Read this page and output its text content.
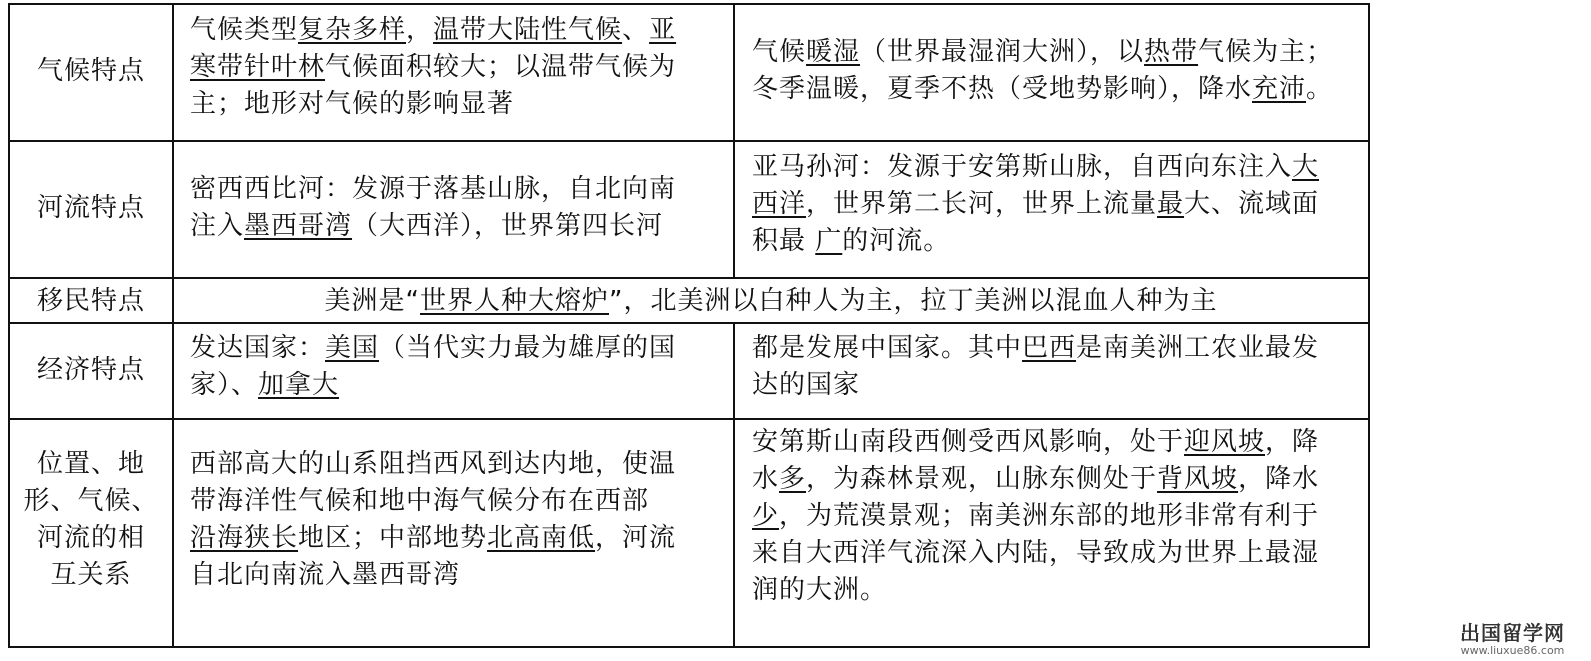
气候特点
气候类型复杂多样，温带大陆性气候、亚
寒带针叶林气候面积较大；以温带气候为
主；地形对气候的影响显著
气候暖湿（世界最湿润大洲），以热带气候为主；
冬季温暖，夏季不热（受地势影响），降水充沛。
河流特点
密西西比河：发源于落基山脉，自北向南
注入墨西哥湾（大西洋），世界第四长河
亚马孙河：发源于安第斯山脉，自西向东注入大
西洋，世界第二长河，世界上流量最大、流域面
积最 广的河流。
移民特点	美洲是“世界人种大熔炉”，北美洲以白种人为主，拉丁美洲以混血人种为主
经济特点
发达国家：美国（当代实力最为雄厚的国
家）、加拿大
都是发展中国家。其中巴西是南美洲工农业最发
达的国家
位置、地
形、气候、
河流的相
互关系
西部高大的山系阻挡西风到达内地，使温
带海洋性气候和地中海气候分布在西部
沿海狭长地区；中部地势北高南低，河流
自北向南流入墨西哥湾
安第斯山南段西侧受西风影响，处于迎风坡，降
水多，为森林景观，山脉东侧处于背风坡，降水
少，为荒漠景观；南美洲东部的地形非常有利于
来自大西洋气流深入内陆，导致成为世界上最湿
润的大洲。
出国留学网
www.liuxue86.com
